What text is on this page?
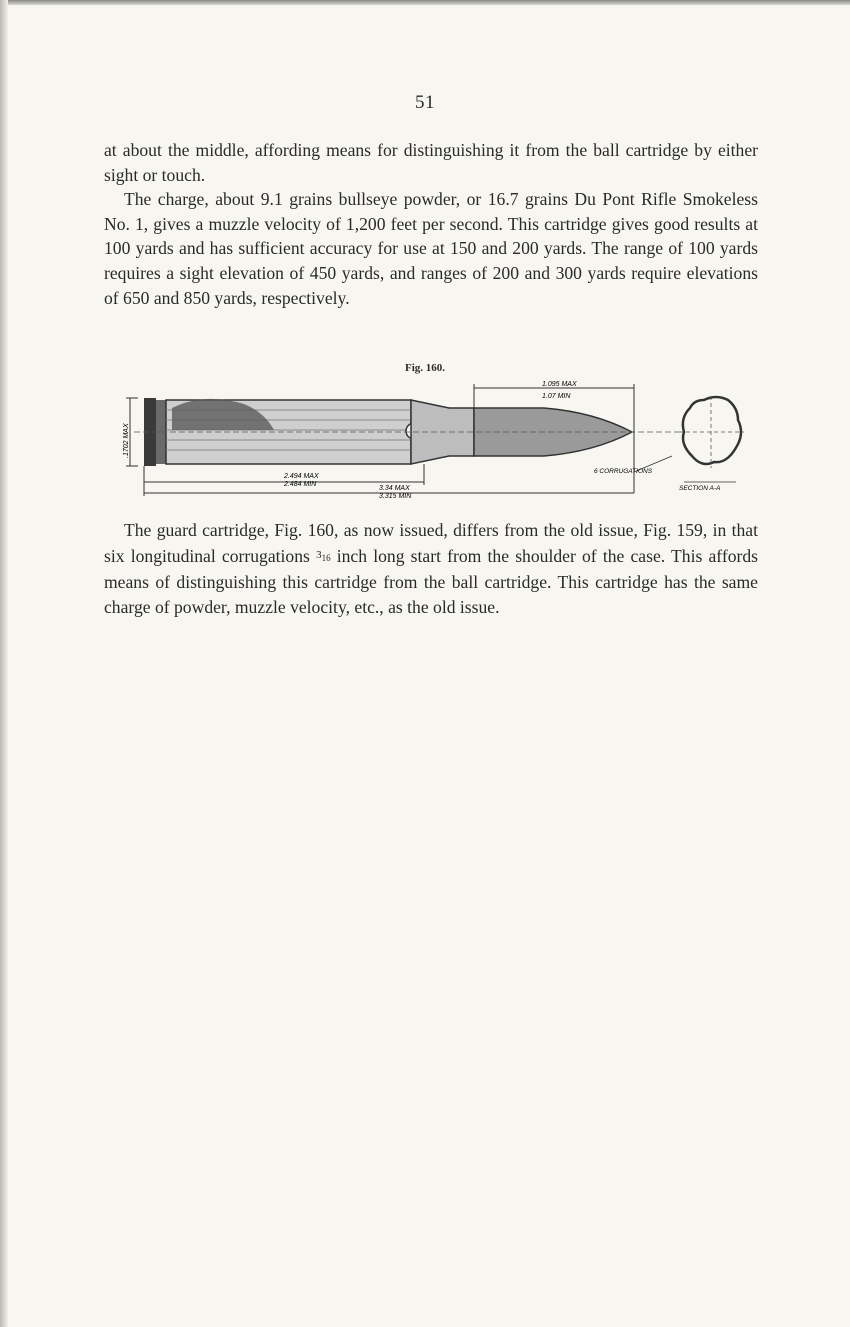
51

at about the middle, affording means for distinguishing it from the ball cartridge by either sight or touch.

The charge, about 9.1 grains bullseye powder, or 16.7 grains Du Pont Rifle Smokeless No. 1, gives a muzzle velocity of 1,200 feet per second. This cartridge gives good results at 100 yards and has sufficient accuracy for use at 150 and 200 yards. The range of 100 yards requires a sight elevation of 450 yards, and ranges of 200 and 300 yards require elevations of 650 and 850 yards, respectively.

Fig. 160.
1.095 MAX
1.07 MIN
.1702 MAX
2.494 MAX
2.484 MIN
3.34 MAX
3.315 MIN
6 CORRUGATIONS
SECTION A-A

The guard cartridge, Fig. 160, as now issued, differs from the old issue, Fig. 159, in that six longitudinal corrugations $^{3_{16}}$ inch long start from the shoulder of the case. This affords means of distinguishing this cartridge from the ball cartridge. This cartridge has the same charge of powder, muzzle velocity, etc., as the old issue.
